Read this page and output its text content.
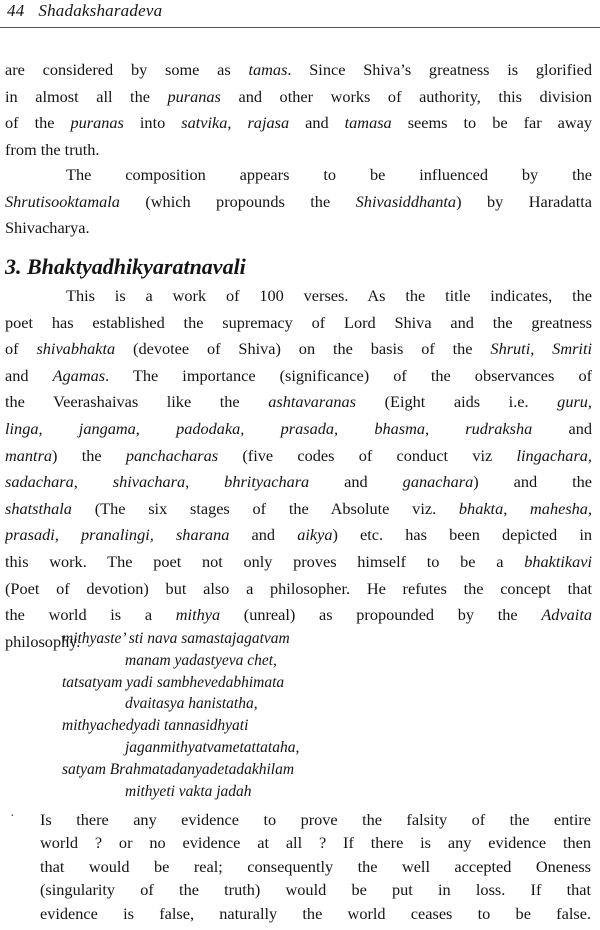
44 Shadaksharadeva
are considered by some as tamas. Since Shiva’s greatness is glorified
in almost all the puranas and other works of authority, this division
of the puranas into satvika, rajasa and tamasa seems to be far away
from the truth.
The composition appears to be influenced by the
Shrutisooktamala (which propounds the Shivasiddhanta) by Haradatta
Shivacharya.
3. Bhaktyadhikyaratnavali
This is a work of 100 verses. As the title indicates, the
poet has established the supremacy of Lord Shiva and the greatness
of shivabhakta (devotee of Shiva) on the basis of the Shruti, Smriti
and Agamas. The importance (significance) of the observances of
the Veerashaivas like the ashtavaranas (Eight aids i.e. guru,
linga, jangama, padodaka, prasada, bhasma, rudraksha and
mantra) the panchacharas (five codes of conduct viz lingachara,
sadachara, shivachara, bhrityachara and ganachara) and the
shatsthala (The six stages of the Absolute viz. bhakta, mahesha,
prasadi, pranalingi, sharana and aikya) etc. has been depicted in
this work. The poet not only proves himself to be a bhaktikavi
(Poet of devotion) but also a philosopher. He refutes the concept that
the world is a mithya (unreal) as propounded by the Advaita
philosophy.
mithyaste’ sti nava samastajagatvam
manam yadastyeva chet,
tatsatyam yadi sambhevedabhimata
dvaitasya hanistatha,
mithyachedyadi tannasidhyati
jaganmithyatvametattataha,
satyam Brahmatadanyadetadakhilam
mithyeti vakta jadah
· Is there any evidence to prove the falsity of the entire
world ? or no evidence at all ? If there is any evidence then
that would be real; consequently the well accepted Oneness
(singularity of the truth) would be put in loss. If that
evidence is false, naturally the world ceases to be false.
